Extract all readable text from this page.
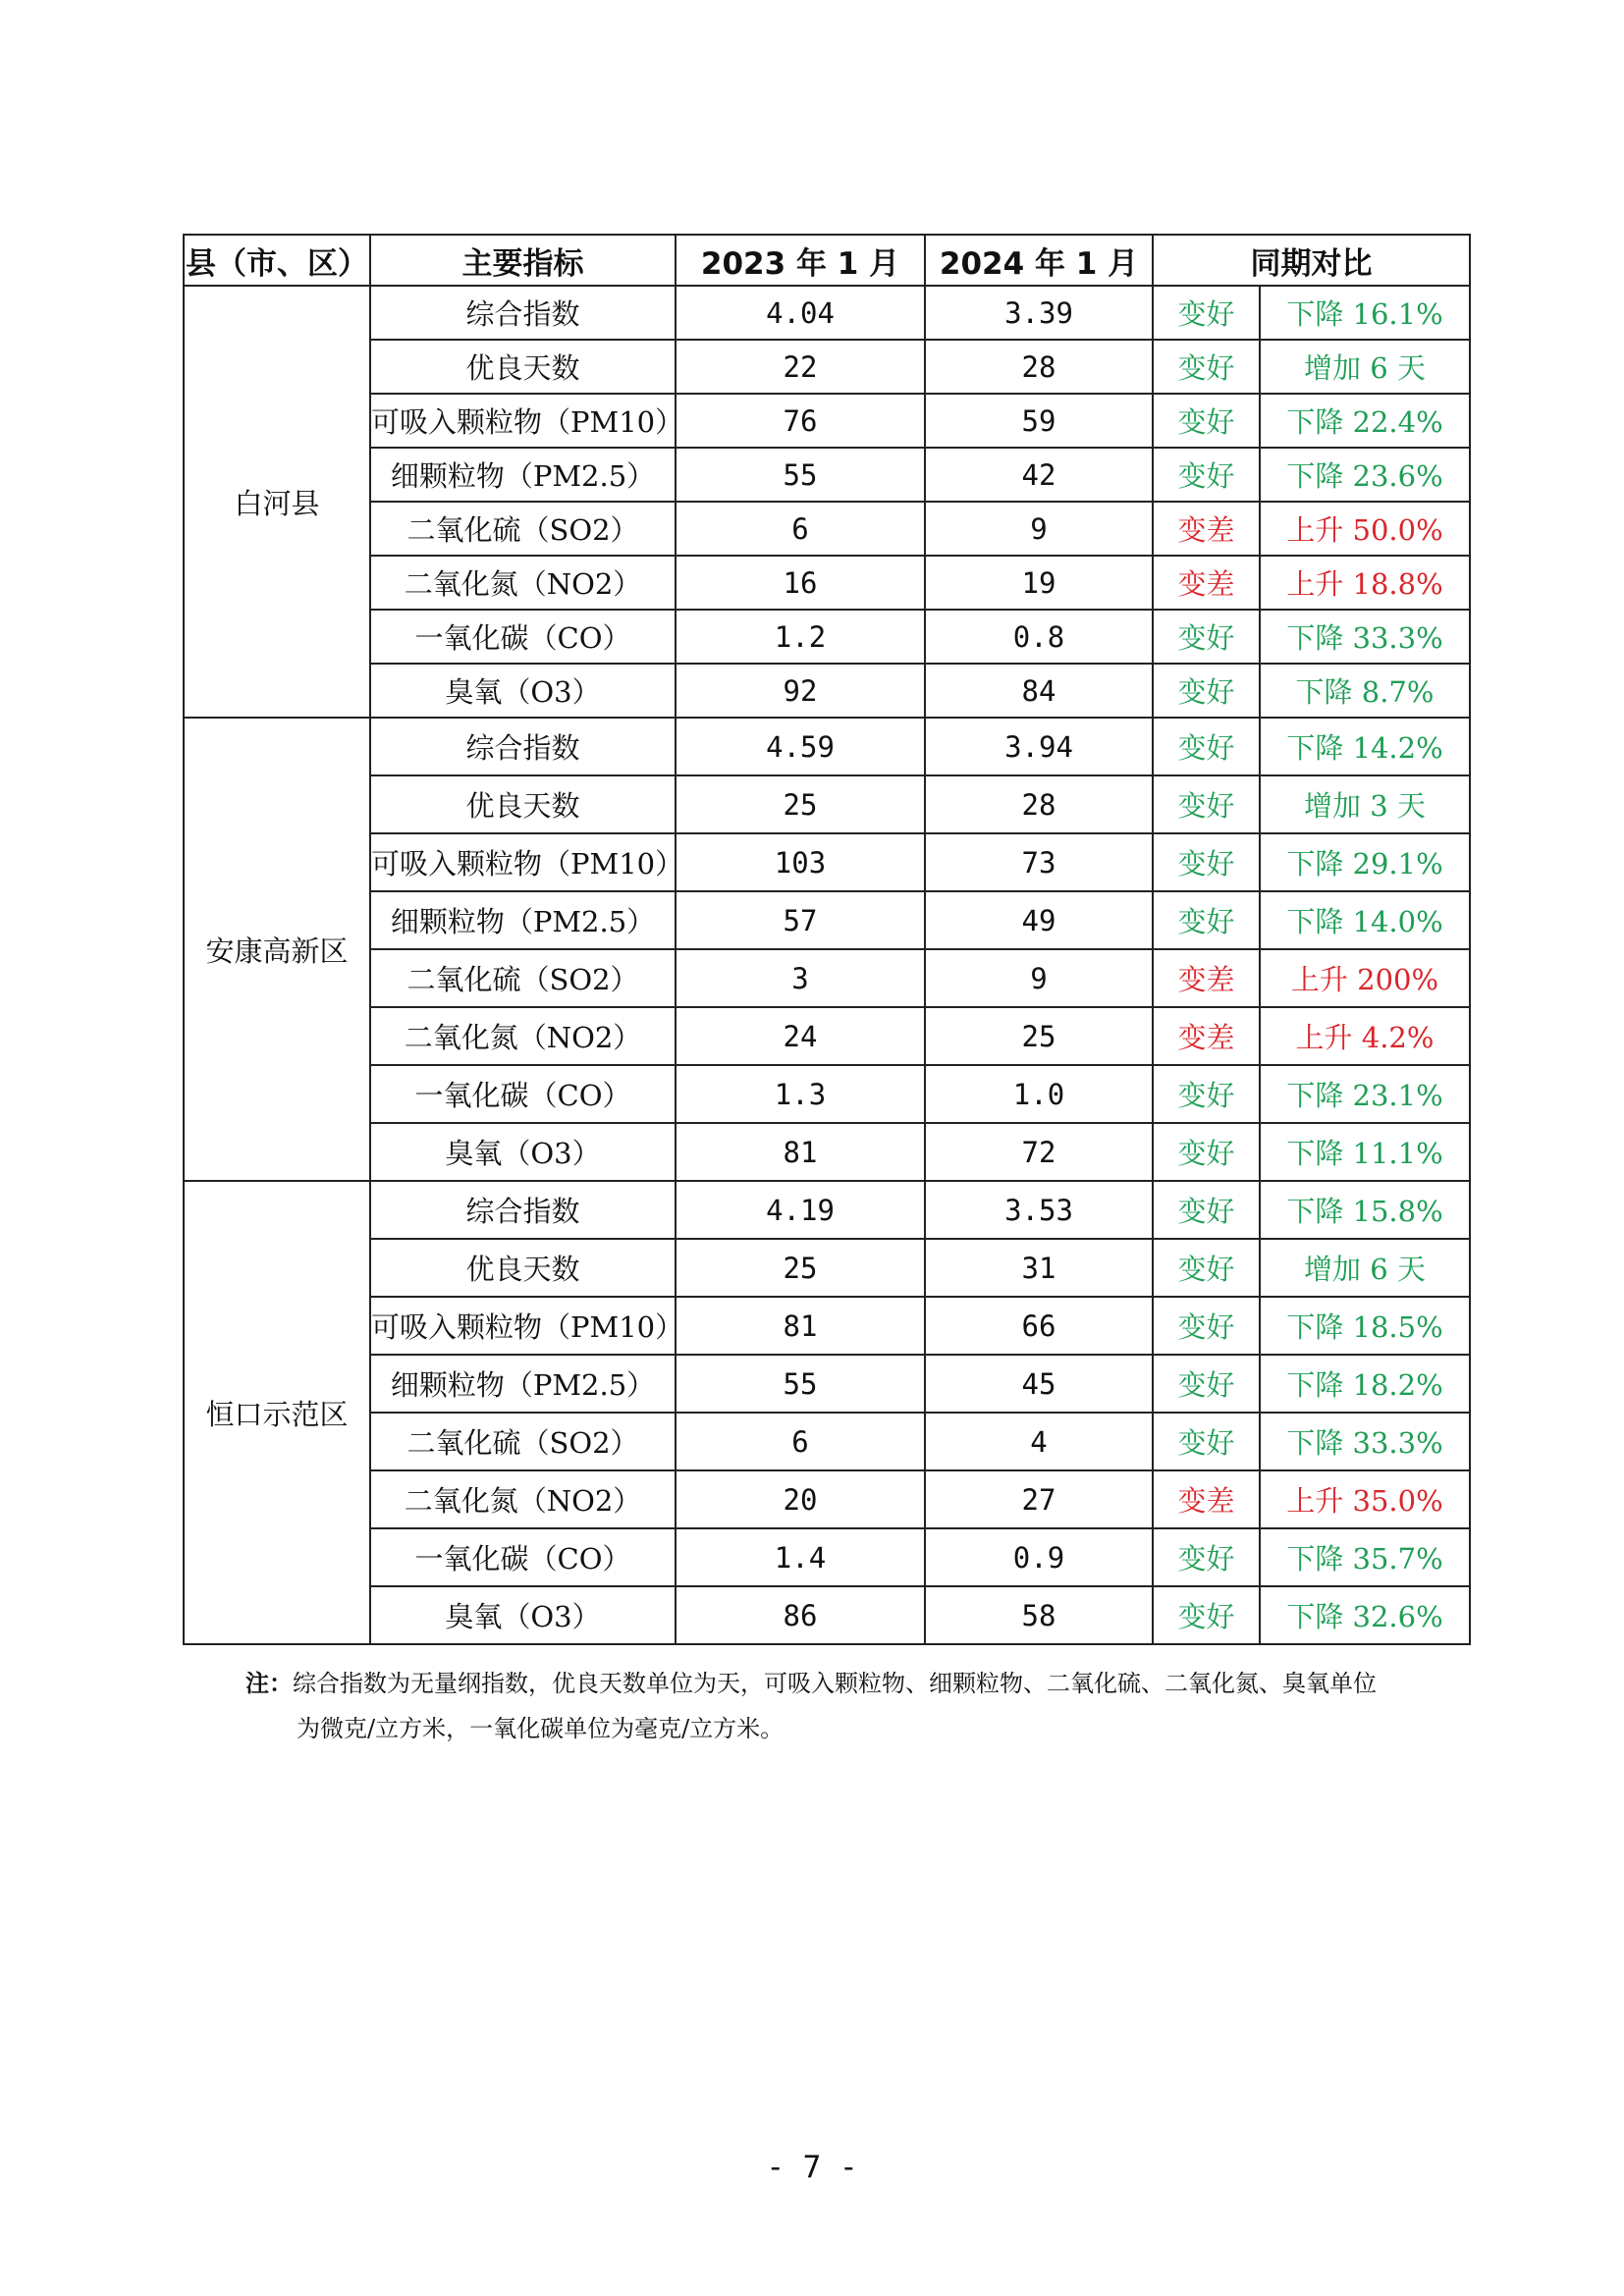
县（市、区）	主要指标	2023 年 1 月	2024 年 1 月	同期对比	
白河县	综合指数	4.04	3.39	变好	下降 16.1%
	优良天数	22	28	变好	增加 6 天
	可吸入颗粒物（PM10）	76	59	变好	下降 22.4%
	细颗粒物（PM2.5）	55	42	变好	下降 23.6%
	二氧化硫（SO2）	6	9	变差	上升 50.0%
	二氧化氮（NO2）	16	19	变差	上升 18.8%
	一氧化碳（CO）	1.2	0.8	变好	下降 33.3%
	臭氧（O3）	92	84	变好	下降 8.7%
安康高新区	综合指数	4.59	3.94	变好	下降 14.2%
	优良天数	25	28	变好	增加 3 天
	可吸入颗粒物（PM10）	103	73	变好	下降 29.1%
	细颗粒物（PM2.5）	57	49	变好	下降 14.0%
	二氧化硫（SO2）	3	9	变差	上升 200%
	二氧化氮（NO2）	24	25	变差	上升 4.2%
	一氧化碳（CO）	1.3	1.0	变好	下降 23.1%
	臭氧（O3）	81	72	变好	下降 11.1%
恒口示范区	综合指数	4.19	3.53	变好	下降 15.8%
	优良天数	25	31	变好	增加 6 天
	可吸入颗粒物（PM10）	81	66	变好	下降 18.5%
	细颗粒物（PM2.5）	55	45	变好	下降 18.2%
	二氧化硫（SO2）	6	4	变好	下降 33.3%
	二氧化氮（NO2）	20	27	变差	上升 35.0%
	一氧化碳（CO）	1.4	0.9	变好	下降 35.7%
	臭氧（O3）	86	58	变好	下降 32.6%
注：综合指数为无量纲指数，优良天数单位为天，可吸入颗粒物、细颗粒物、二氧化硫、二氧化氮、臭氧单位
为微克/立方米，一氧化碳单位为毫克/立方米。
- 7 -
